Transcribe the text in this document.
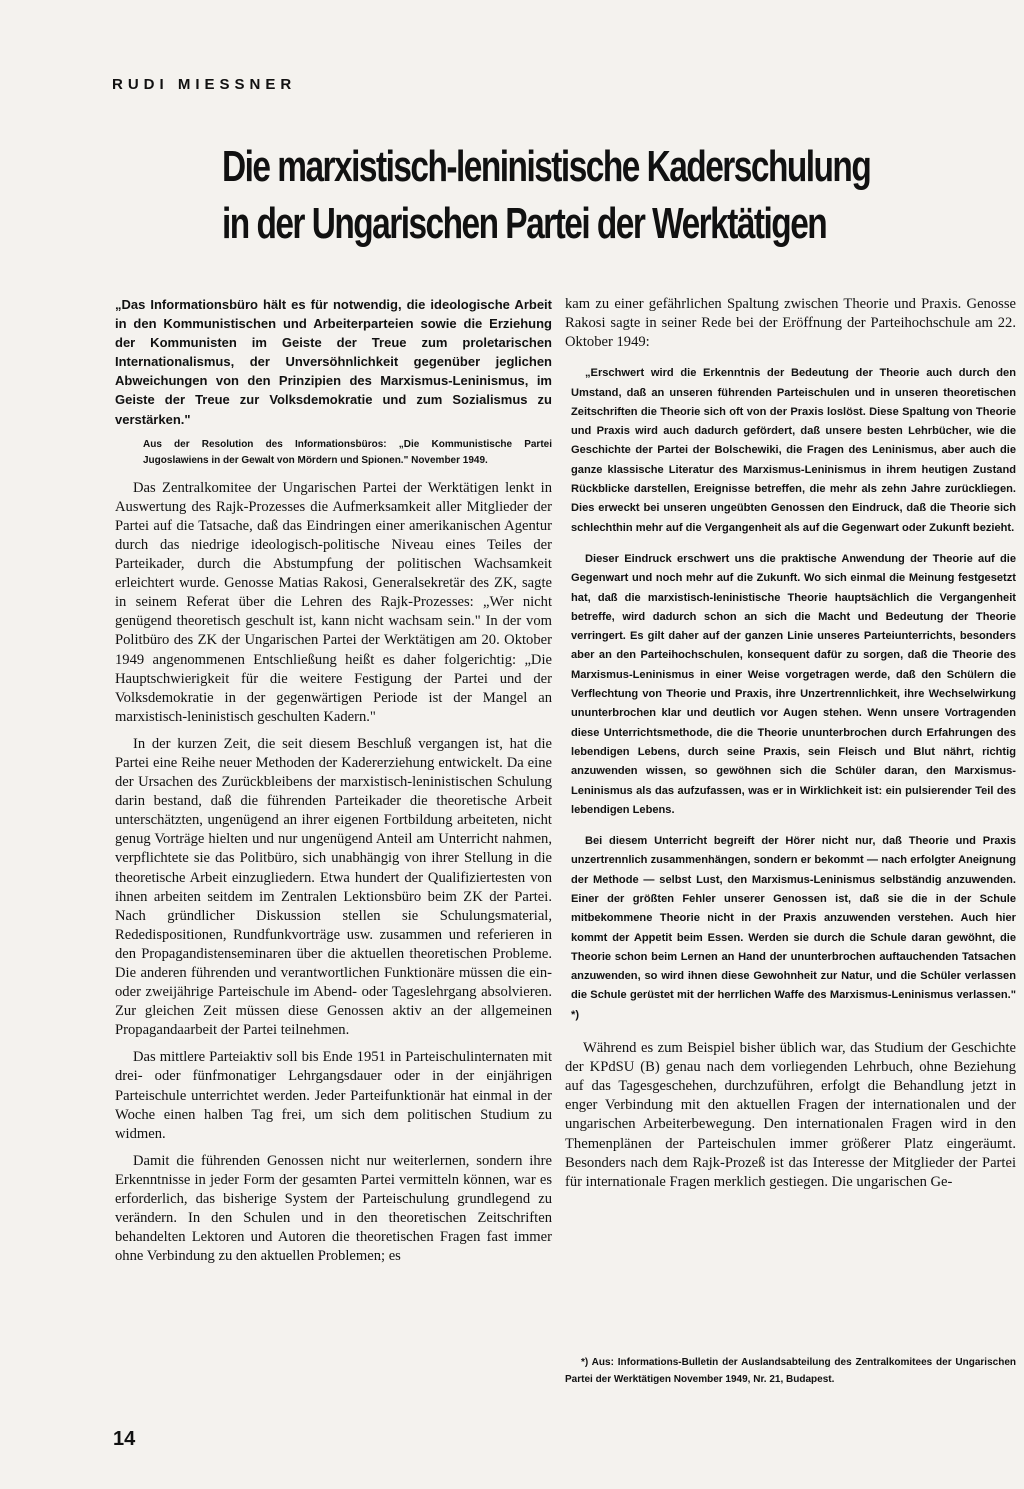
RUDI MIESSNER
Die marxistisch-leninistische Kaderschulung
in der Ungarischen Partei der Werktätigen

„Das Informationsbüro hält es für notwendig, die ideologische Arbeit in den Kommunistischen und Arbeiterparteien sowie die Erziehung der Kommunisten im Geiste der Treue zum proletarischen Internationalismus, der Unversöhnlichkeit gegenüber jeglichen Abweichungen von den Prinzipien des Marxismus-Leninismus, im Geiste der Treue zur Volksdemokratie und zum Sozialismus zu verstärken."

Aus der Resolution des Informationsbüros: „Die Kommunistische Partei Jugoslawiens in der Gewalt von Mördern und Spionen." November 1949.

Das Zentralkomitee der Ungarischen Partei der Werktätigen lenkt in Auswertung des Rajk-Prozesses die Aufmerksamkeit aller Mitglieder der Partei auf die Tatsache, daß das Eindringen einer amerikanischen Agentur durch das niedrige ideologisch-politische Niveau eines Teiles der Parteikader, durch die Abstumpfung der politischen Wachsamkeit erleichtert wurde. Genosse Matias Rakosi, Generalsekretär des ZK, sagte in seinem Referat über die Lehren des Rajk-Prozesses: „Wer nicht genügend theoretisch geschult ist, kann nicht wachsam sein." In der vom Politbüro des ZK der Ungarischen Partei der Werktätigen am 20. Oktober 1949 angenommenen Entschließung heißt es daher folgerichtig: „Die Hauptschwierigkeit für die weitere Festigung der Partei und der Volksdemokratie in der gegenwärtigen Periode ist der Mangel an marxistisch-leninistisch geschulten Kadern."

In der kurzen Zeit, die seit diesem Beschluß vergangen ist, hat die Partei eine Reihe neuer Methoden der Kadererziehung entwickelt. Da eine der Ursachen des Zurückbleibens der marxistisch-leninistischen Schulung darin bestand, daß die führenden Parteikader die theoretische Arbeit unterschätzten, ungenügend an ihrer eigenen Fortbildung arbeiteten, nicht genug Vorträge hielten und nur ungenügend Anteil am Unterricht nahmen, verpflichtete sie das Politbüro, sich unabhängig von ihrer Stellung in die theoretische Arbeit einzugliedern. Etwa hundert der Qualifiziertesten von ihnen arbeiten seitdem im Zentralen Lektionsbüro beim ZK der Partei. Nach gründlicher Diskussion stellen sie Schulungsmaterial, Rededispositionen, Rundfunkvorträge usw. zusammen und referieren in den Propagandistenseminaren über die aktuellen theoretischen Probleme. Die anderen führenden und verantwortlichen Funktionäre müssen die ein- oder zweijährige Parteischule im Abend- oder Tageslehrgang absolvieren. Zur gleichen Zeit müssen diese Genossen aktiv an der allgemeinen Propagandaarbeit der Partei teilnehmen.

Das mittlere Parteiaktiv soll bis Ende 1951 in Parteischulinternaten mit drei- oder fünfmonatiger Lehrgangsdauer oder in der einjährigen Parteischule unterrichtet werden. Jeder Parteifunktionär hat einmal in der Woche einen halben Tag frei, um sich dem politischen Studium zu widmen.

Damit die führenden Genossen nicht nur weiterlernen, sondern ihre Erkenntnisse in jeder Form der gesamten Partei vermitteln können, war es erforderlich, das bisherige System der Parteischulung grundlegend zu verändern. In den Schulen und in den theoretischen Zeitschriften behandelten Lektoren und Autoren die theoretischen Fragen fast immer ohne Verbindung zu den aktuellen Problemen; es

kam zu einer gefährlichen Spaltung zwischen Theorie und Praxis. Genosse Rakosi sagte in seiner Rede bei der Eröffnung der Parteihochschule am 22. Oktober 1949:

„Erschwert wird die Erkenntnis der Bedeutung der Theorie auch durch den Umstand, daß an unseren führenden Parteischulen und in unseren theoretischen Zeitschriften die Theorie sich oft von der Praxis loslöst. Diese Spaltung von Theorie und Praxis wird auch dadurch gefördert, daß unsere besten Lehrbücher, wie die Geschichte der Partei der Bolschewiki, die Fragen des Leninismus, aber auch die ganze klassische Literatur des Marxismus-Leninismus in ihrem heutigen Zustand Rückblicke darstellen, Ereignisse betreffen, die mehr als zehn Jahre zurückliegen. Dies erweckt bei unseren ungeübten Genossen den Eindruck, daß die Theorie sich schlechthin mehr auf die Vergangenheit als auf die Gegenwart oder Zukunft bezieht.

Dieser Eindruck erschwert uns die praktische Anwendung der Theorie auf die Gegenwart und noch mehr auf die Zukunft. Wo sich einmal die Meinung festgesetzt hat, daß die marxistisch-leninistische Theorie hauptsächlich die Vergangenheit betreffe, wird dadurch schon an sich die Macht und Bedeutung der Theorie verringert. Es gilt daher auf der ganzen Linie unseres Parteiunterrichts, besonders aber an den Parteihochschulen, konsequent dafür zu sorgen, daß die Theorie des Marxismus-Leninismus in einer Weise vorgetragen werde, daß den Schülern die Verflechtung von Theorie und Praxis, ihre Unzertrennlichkeit, ihre Wechselwirkung ununterbrochen klar und deutlich vor Augen stehen. Wenn unsere Vortragenden diese Unterrichtsmethode, die die Theorie ununterbrochen durch Erfahrungen des lebendigen Lebens, durch seine Praxis, sein Fleisch und Blut nährt, richtig anzuwenden wissen, so gewöhnen sich die Schüler daran, den Marxismus-Leninismus als das aufzufassen, was er in Wirklichkeit ist: ein pulsierender Teil des lebendigen Lebens.

Bei diesem Unterricht begreift der Hörer nicht nur, daß Theorie und Praxis unzertrennlich zusammenhängen, sondern er bekommt — nach erfolgter Aneignung der Methode — selbst Lust, den Marxismus-Leninismus selbständig anzuwenden. Einer der größten Fehler unserer Genossen ist, daß sie die in der Schule mitbekommene Theorie nicht in der Praxis anzuwenden verstehen. Auch hier kommt der Appetit beim Essen. Werden sie durch die Schule daran gewöhnt, die Theorie schon beim Lernen an Hand der ununterbrochen auftauchenden Tatsachen anzuwenden, so wird ihnen diese Gewohnheit zur Natur, und die Schüler verlassen die Schule gerüstet mit der herrlichen Waffe des Marxismus-Leninismus verlassen." *)

Während es zum Beispiel bisher üblich war, das Studium der Geschichte der KPdSU (B) genau nach dem vorliegenden Lehrbuch, ohne Beziehung auf das Tagesgeschehen, durchzuführen, erfolgt die Behandlung jetzt in enger Verbindung mit den aktuellen Fragen der internationalen und der ungarischen Arbeiterbewegung. Den internationalen Fragen wird in den Themenplänen der Parteischulen immer größerer Platz eingeräumt. Besonders nach dem Rajk-Prozeß ist das Interesse der Mitglieder der Partei für internationale Fragen merklich gestiegen. Die ungarischen Ge-

*) Aus: Informations-Bulletin der Auslandsabteilung des Zentralkomitees der Ungarischen Partei der Werktätigen November 1949, Nr. 21, Budapest.
14
